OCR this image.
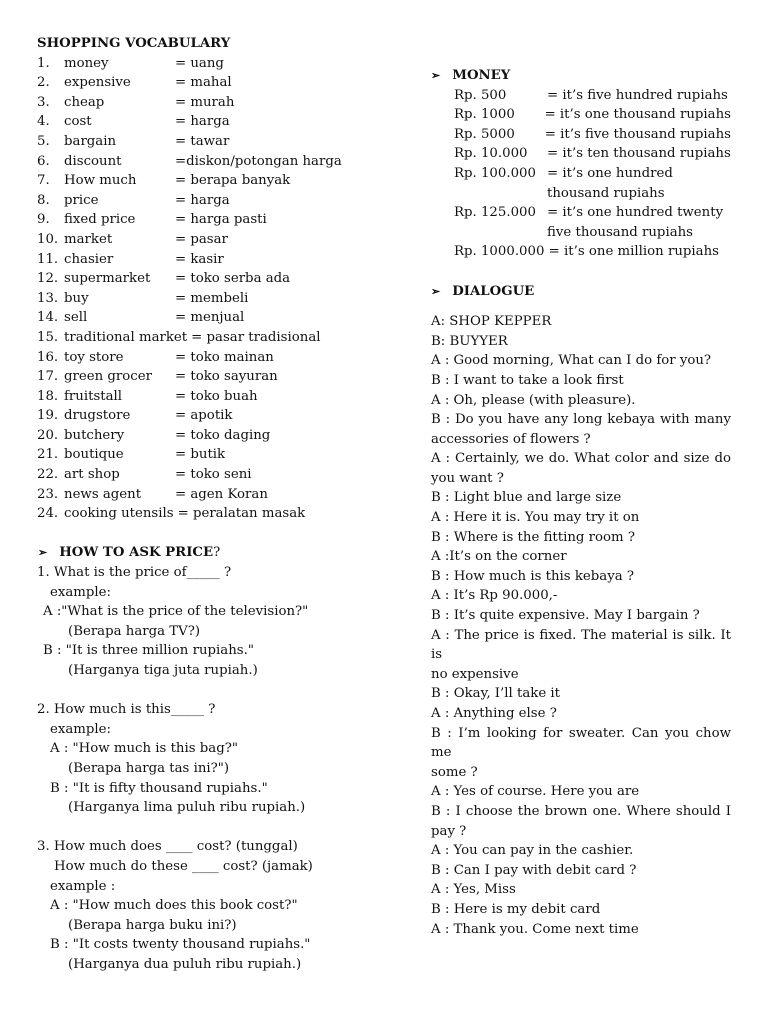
SHOPPING VOCABULARY
1.	money	= uang
2.	expensive	= mahal
3.	cheap	= murah
4.	cost	= harga
5.	bargain	= tawar
6.	discount	=diskon/potongan harga
7.	How much	= berapa banyak
8.	price	= harga
9.	fixed price	= harga pasti
10. market	= pasar
11. chasier	= kasir
12. supermarket	= toko serba ada
13. buy	= membeli
14. sell	= menjual
15. traditional market = pasar tradisional
16. toy store	= toko mainan
17. green grocer	= toko sayuran
18. fruitstall	= toko buah
19. drugstore	= apotik
20. butchery	= toko daging
21. boutique	= butik
22. art shop	= toko seni
23. news agent	= agen Koran
24. cooking utensils = peralatan masak
➢ HOW TO ASK PRICE?
1. What is the price of_____ ?
example:
A :"What is the price of the television?"
(Berapa harga TV?)
B : "It is three million rupiahs."
(Harganya tiga juta rupiah.)
2. How much is this_____ ?
example:
A : "How much is this bag?"
(Berapa harga tas ini?")
B : "It is fifty thousand rupiahs."
(Harganya lima puluh ribu rupiah.)
3. How much does ____ cost? (tunggal)
How much do these ____ cost? (jamak)
example :
A : "How much does this book cost?"
(Berapa harga buku ini?)
B : "It costs twenty thousand rupiahs."
(Harganya dua puluh ribu rupiah.)
➢ MONEY
Rp. 500	= it’s five hundred rupiahs
Rp. 1000	= it’s one thousand rupiahs
Rp. 5000	= it’s five thousand rupiahs
Rp. 10.000	= it’s ten thousand rupiahs
Rp. 100.000 = it’s one hundred
thousand rupiahs
Rp. 125.000 = it’s one hundred twenty
five thousand rupiahs
Rp. 1000.000 = it’s one million rupiahs
➢ DIALOGUE
A: SHOP KEPPER
B: BUYYER
A : Good morning, What can I do for you?
B : I want to take a look first
A : Oh, please (with pleasure).
B : Do you have any long kebaya with many
accessories of flowers ?
A : Certainly, we do. What color and size do
you want ?
B : Light blue and large size
A : Here it is. You may try it on
B : Where is the fitting room ?
A :It’s on the corner
B : How much is this kebaya ?
A : It’s Rp 90.000,-
B : It’s quite expensive. May I bargain ?
A : The price is fixed. The material is silk. It is
no expensive
B : Okay, I’ll take it
A : Anything else ?
B : I’m looking for sweater. Can you chow me
some ?
A : Yes of course. Here you are
B : I choose the brown one. Where should I
pay ?
A : You can pay in the cashier.
B : Can I pay with debit card ?
A : Yes, Miss
B : Here is my debit card
A : Thank you. Come next time
